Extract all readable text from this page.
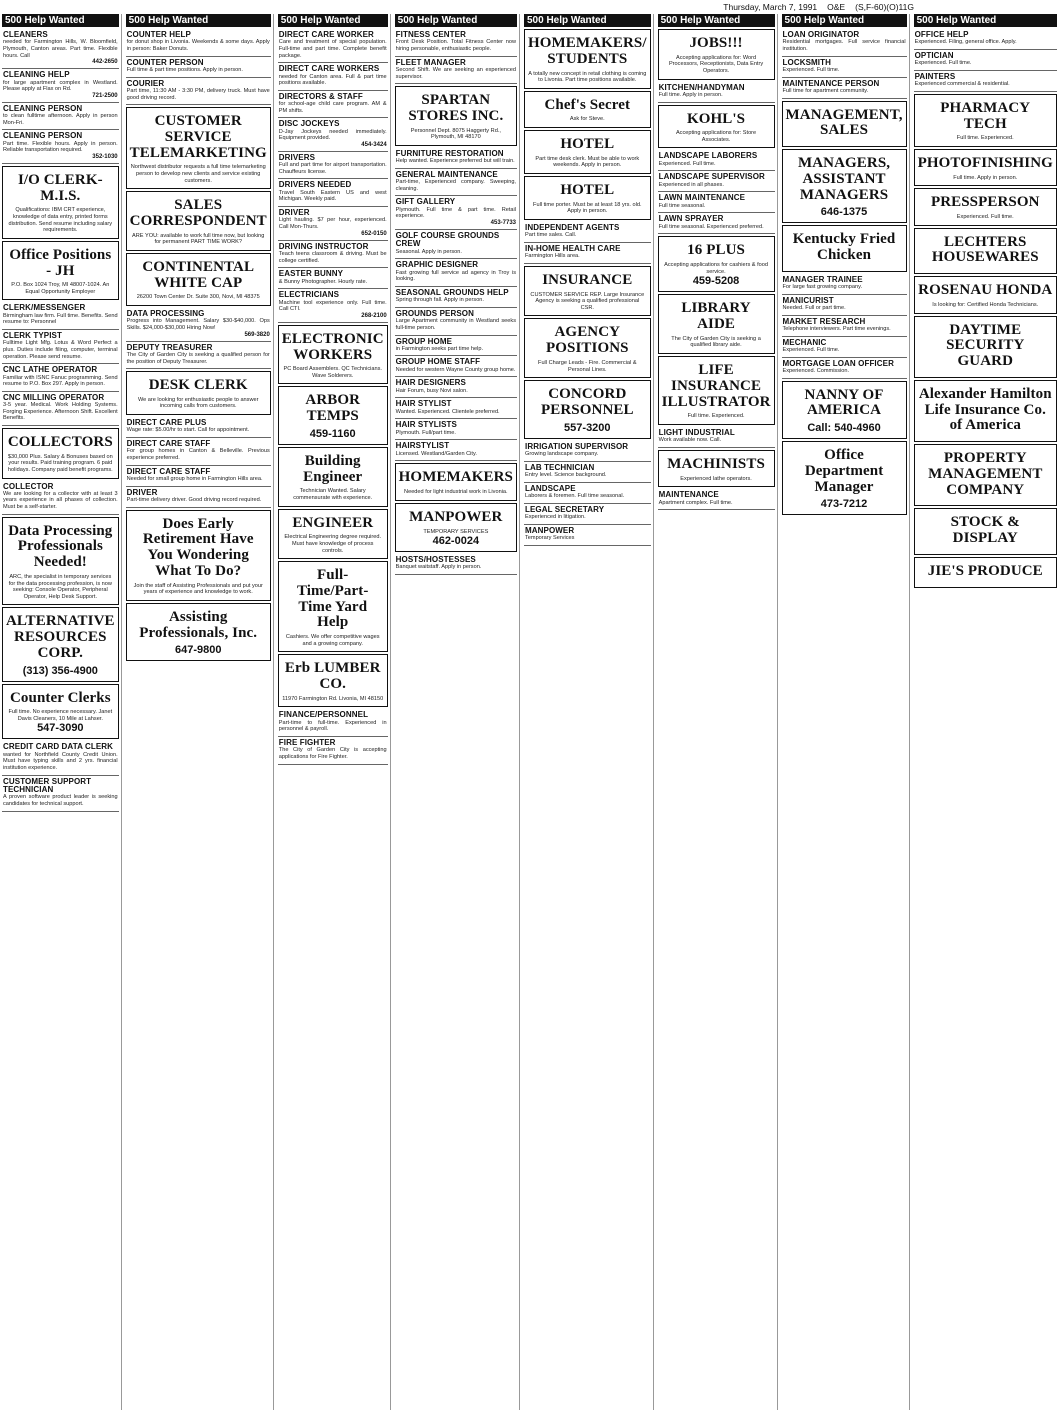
Thursday, March 7, 1991 O&E (S,F-60)(O)11G
500 Help Wanted
CLEANERS
needed for Farmington Hills, W. Bloomfield, Plymouth, Canton areas. Part time. Flexible hours. Call
442-2650
CLEANING HELP
for large apartment complex in Westland. Please apply at Flax on Rd.
721-2500
CLEANING PERSON
to clean fulltime afternoon. Apply in person Mon-Fri.
CLEANING PERSON
Part time. Flexible hours. Apply in person. Reliable transportation required.
352-1030
I/O CLERK-M.I.S.
Qualifications: IBM CRT experience, knowledge of data entry, printed forms distribution. Send resume including salary requirements.
Office Positions - JH
P.O. Box 1024 Troy, MI 48007-1024. An Equal Opportunity Employer
CLERK/MESSENGER
Birmingham law firm. Full time. Benefits. Send resume to: Personnel
CLERK TYPIST
Fulltime Light Mfg. Lotus & Word Perfect a plus. Duties include filing, computer, terminal operation. Please send resume.
CNC LATHE OPERATOR
Familiar with ISNC Fanuc programming. Send resume to P.O. Box 297. Apply in person.
CNC MILLING OPERATOR
3-5 year. Medical. Work Holding Systems. Forging Experience. Afternoon Shift. Excellent Benefits.
COLLECTORS
$30,000 Plus. Salary & Bonuses based on your results. Paid training program. 6 paid holidays. Company paid benefit programs.
COLLECTOR
We are looking for a collector with at least 3 years experience in all phases of collection. Must be a self-starter.
Data Processing Professionals Needed!
ARC, the specialist in temporary services for the data processing profession, is now seeking: Console Operator, Peripheral Operator, Help Desk Support.
ALTERNATIVE RESOURCES CORP.
(313) 356-4900
Counter Clerks
Full time. No experience necessary. Janet Davis Cleaners, 10 Mile at Lahser.
547-3090
CREDIT CARD DATA CLERK
wanted for Northfield County Credit Union. Must have typing skills and 2 yrs. financial institution experience.
CUSTOMER SUPPORT TECHNICIAN
A proven software product leader is seeking candidates for technical support.
500 Help Wanted
COUNTER HELP
for donut shop in Livonia. Weekends & some days. Apply in person: Baker Donuts.
COUNTER PERSON
Full time & part time positions. Apply in person.
COURIER
Part time, 11:30 AM - 3:30 PM, delivery truck. Must have good driving record.
CUSTOMER SERVICE TELEMARKETING
Northwest distributor requests a full time telemarketing person to develop new clients and service existing customers.
SALES CORRESPONDENT
ARE YOU: available to work full time now, but looking for permanent PART TIME WORK?
CONTINENTAL WHITE CAP
26200 Town Center Dr. Suite 300, Novi, MI 48375
DATA PROCESSING
Progress into Management. Salary $30-$40,000. Ops Skills. $24,000-$30,000 Hiring Now!
569-3820
DEPUTY TREASURER
The City of Garden City is seeking a qualified person for the position of Deputy Treasurer.
DESK CLERK
We are looking for enthusiastic people to answer incoming calls from customers.
DIRECT CARE PLUS
Wage rate: $5.00/hr to start. Call for appointment.
DIRECT CARE STAFF
For group homes in Canton & Belleville. Previous experience preferred.
DIRECT CARE STAFF
Needed for small group home in Farmington Hills area.
DRIVER
Part-time delivery driver. Good driving record required.
Does Early Retirement Have You Wondering What To Do?
Join the staff of Assisting Professionals and put your years of experience and knowledge to work.
Assisting Professionals, Inc.
647-9800
500 Help Wanted
DIRECT CARE WORKER
Care and treatment of special population. Full-time and part time. Complete benefit package.
DIRECT CARE WORKERS
needed for Canton area. Full & part time positions available.
DIRECTORS & STAFF
for school-age child care program. AM & PM shifts.
DISC JOCKEYS
D-Jay Jockeys needed immediately. Equipment provided.
454-3424
DRIVERS
Full and part time for airport transportation. Chauffeurs license.
DRIVERS NEEDED
Travel South Eastern US and west Michigan. Weekly paid.
DRIVER
Light hauling. $7 per hour, experienced. Call Mon-Thurs.
652-0150
DRIVING INSTRUCTOR
Teach teens classroom & driving. Must be college certified.
EASTER BUNNY
& Bunny Photographer. Hourly rate.
ELECTRICIANS
Machine tool experience only. Full time. Call CTI.
268-2100
ELECTRONIC WORKERS
PC Board Assemblers. QC Technicians. Wave Solderers.
ARBOR TEMPS
459-1160
Building Engineer
Technician Wanted. Salary commensurate with experience.
ENGINEER
Electrical Engineering degree required. Must have knowledge of process controls.
Full-Time/Part-Time Yard Help
Cashiers. We offer competitive wages and a growing company.
Erb LUMBER CO.
11970 Farmington Rd. Livonia, MI 48150
FINANCE/PERSONNEL
Part-time to full-time. Experienced in personnel & payroll.
FIRE FIGHTER
The City of Garden City is accepting applications for Fire Fighter.
500 Help Wanted
FITNESS CENTER
Front Desk Position. Total Fitness Center now hiring personable, enthusiastic people.
FLEET MANAGER
Second Shift. We are seeking an experienced supervisor.
SPARTAN STORES INC.
Personnel Dept. 8075 Haggerty Rd., Plymouth, MI 48170
FURNITURE RESTORATION
Help wanted. Experience preferred but will train.
GENERAL MAINTENANCE
Part-time, Experienced company. Sweeping, cleaning.
GIFT GALLERY
Plymouth. Full time & part time. Retail experience.
453-7733
GOLF COURSE GROUNDS CREW
Seasonal. Apply in person.
GRAPHIC DESIGNER
Fast growing full service ad agency in Troy is looking.
SEASONAL GROUNDS HELP
Spring through fall. Apply in person.
GROUNDS PERSON
Large Apartment community in Westland seeks full-time person.
GROUP HOME
in Farmington seeks part time help.
GROUP HOME STAFF
Needed for western Wayne County group home.
HAIR DESIGNERS
Hair Forum, busy Novi salon.
HAIR STYLIST
Wanted. Experienced. Clientele preferred.
HAIR STYLISTS
Plymouth. Full/part time.
HAIRSTYLIST
Licensed. Westland/Garden City.
HOMEMAKERS
Needed for light industrial work in Livonia.
MANPOWER
TEMPORARY SERVICES
462-0024
HOSTS/HOSTESSES
Banquet waitstaff. Apply in person.
500 Help Wanted
HOMEMAKERS/ STUDENTS
A totally new concept in retail clothing is coming to Livonia. Part time positions available.
Chef's Secret
Ask for Steve.
HOTEL
Part time desk clerk. Must be able to work weekends. Apply in person.
HOTEL
Full time porter. Must be at least 18 yrs. old. Apply in person.
INDEPENDENT AGENTS
Part time sales. Call.
IN-HOME HEALTH CARE
Farmington Hills area.
INSURANCE
CUSTOMER SERVICE REP. Large Insurance Agency is seeking a qualified professional CSR.
AGENCY POSITIONS
Full Charge Leads - Fire. Commercial & Personal Lines.
CONCORD PERSONNEL
557-3200
IRRIGATION SUPERVISOR
Growing landscape company.
LAB TECHNICIAN
Entry level. Science background.
LANDSCAPE
Laborers & foremen. Full time seasonal.
LEGAL SECRETARY
Experienced in litigation.
MANPOWER
Temporary Services
500 Help Wanted
JOBS!!!
Accepting applications for: Word Processors, Receptionists, Data Entry Operators.
KITCHEN/HANDYMAN
Full time. Apply in person.
KOHL'S
Accepting applications for: Store Associates.
LANDSCAPE LABORERS
Experienced. Full time.
LANDSCAPE SUPERVISOR
Experienced in all phases.
LAWN MAINTENANCE
Full time seasonal.
LAWN SPRAYER
Full time seasonal. Experienced preferred.
16 PLUS
Accepting applications for cashiers & food service.
459-5208
LIBRARY AIDE
The City of Garden City is seeking a qualified library aide.
LIFE INSURANCE ILLUSTRATOR
Full time. Experienced.
LIGHT INDUSTRIAL
Work available now. Call.
MACHINISTS
Experienced lathe operators.
MAINTENANCE
Apartment complex. Full time.
500 Help Wanted
LOAN ORIGINATOR
Residential mortgages. Full service financial institution.
LOCKSMITH
Experienced. Full time.
MAINTENANCE PERSON
Full time for apartment community.
MANAGEMENT, SALES
MANAGERS, ASSISTANT MANAGERS
646-1375
Kentucky Fried Chicken
MANAGER TRAINEE
For large fast growing company.
MANICURIST
Needed. Full or part time.
MARKET RESEARCH
Telephone interviewers. Part time evenings.
MECHANIC
Experienced. Full time.
MORTGAGE LOAN OFFICER
Experienced. Commission.
NANNY OF AMERICA
Call: 540-4960
Office Department Manager
473-7212
500 Help Wanted
OFFICE HELP
Experienced. Filing, general office. Apply.
OPTICIAN
Experienced. Full time.
PAINTERS
Experienced commercial & residential.
PHARMACY TECH
Full time. Experienced.
PHOTOFINISHING
Full time. Apply in person.
PRESSPERSON
Experienced. Full time.
LECHTERS HOUSEWARES
ROSENAU HONDA
Is looking for: Certified Honda Technicians.
DAYTIME SECURITY GUARD
Alexander Hamilton Life Insurance Co. of America
PROPERTY MANAGEMENT COMPANY
STOCK & DISPLAY
JIE'S PRODUCE
